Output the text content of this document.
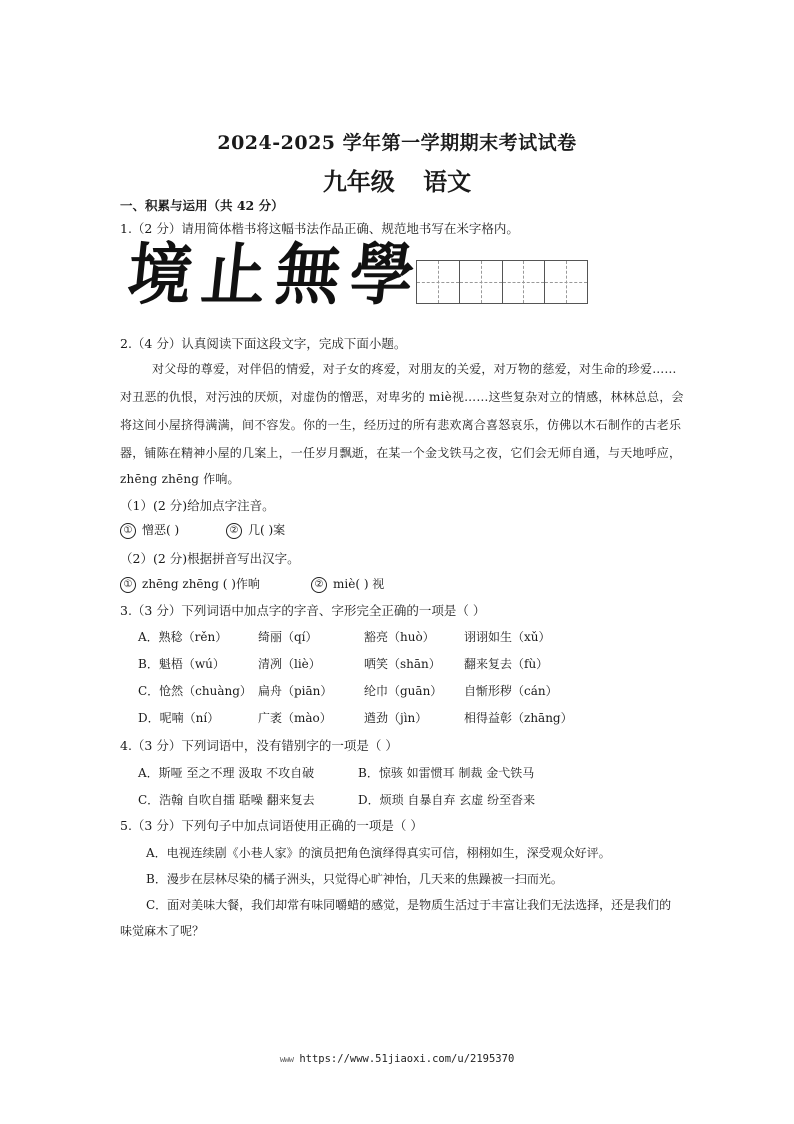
2024-2025 学年第一学期期末考试试卷
九年级 语文
一、积累与运用（共 42 分）
1.（2 分）请用简体楷书将这幅书法作品正确、规范地书写在米字格内。
境 止 無 學
2.（4 分）认真阅读下面这段文字，完成下面小题。
对父母的尊爱，对伴侣的情爱，对子女的疼爱，对朋友的关爱，对万物的慈爱，对生命的珍爱……
对丑恶的仇恨，对污浊的厌烦，对虚伪的憎恶，对卑劣的 miè视……这些复杂对立的情感，林林总总，会
将这间小屋挤得满满，间不容发。你的一生，经历过的所有悲欢离合喜怒哀乐，仿佛以木石制作的古老乐
器，铺陈在精神小屋的几案上，一任岁月飘逝，在某一个金戈铁马之夜，它们会无师自通，与天地呼应，
zhēng zhēng 作响。
（1）(2 分)给加点字注音。
① 憎恶( )	② 几( )案
（2）(2 分)根据拼音写出汉字。
① zhēng zhēng ( )作响	② miè( ) 视
3.（3 分）下列词语中加点字的字音、字形完全正确的一项是（ ）
A．熟稔（rěn）	绮丽（qí）	豁亮（huò） 诩诩如生（xǔ）
B．魁梧（wú）	清冽（liè）	哂笑（shān） 翻来复去（fù）
C．怆然（chuàng） 扁舟（piān）	纶巾（guān） 自惭形秽（cán）
D．呢喃（ní）	广袤（mào）	遒劲（jìn）	相得益彰（zhāng）
4.（3 分）下列词语中，没有错别字的一项是（ ）
A．斯哑 至之不理 汲取 不攻自破	B．惊骇 如雷惯耳 制裁 金弋铁马
C．浩翰 自吹自擂 聒噪 翻来复去	D．烦琐 自暴自弃 玄虚 纷至沓来
5.（3 分）下列句子中加点词语使用正确的一项是（ ）
A．电视连续剧《小巷人家》的演员把角色演绎得真实可信，栩栩如生，深受观众好评。
B．漫步在层林尽染的橘子洲头，只觉得心旷神怡，几天来的焦躁被一扫而光。
C．面对美味大餐，我们却常有味同嚼蜡的感觉，是物质生活过于丰富让我们无法选择，还是我们的
味觉麻木了呢？
www https://www.51jiaoxi.com/u/2195370
